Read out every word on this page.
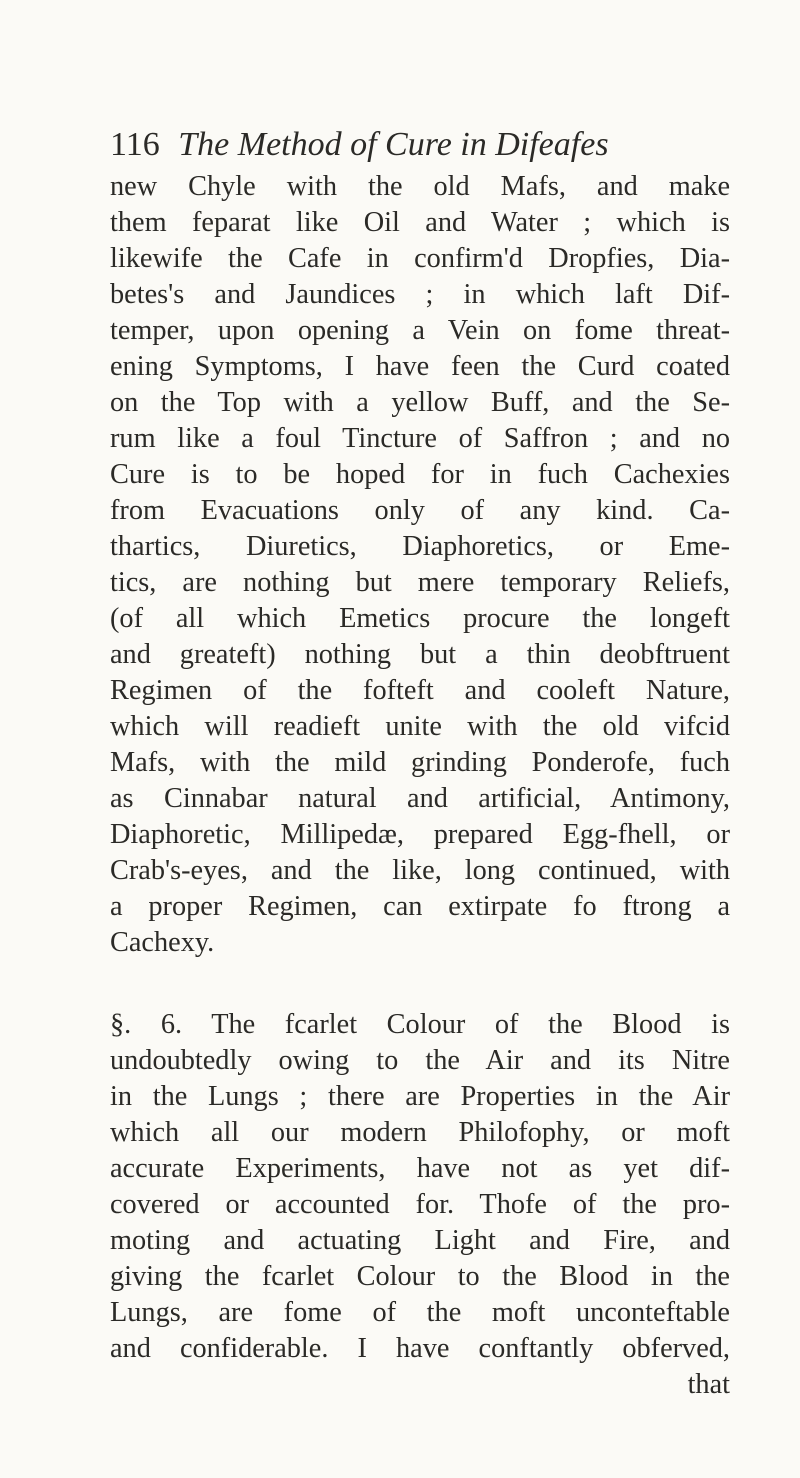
116 The Method of Cure in Difeafes

new Chyle with the old Mafs, and make
them feparat like Oil and Water ; which is
likewife the Cafe in confirm'd Dropfies, Dia-
betes's and Jaundices ; in which laft Dif-
temper, upon opening a Vein on fome threat-
ening Symptoms, I have feen the Curd coated
on the Top with a yellow Buff, and the Se-
rum like a foul Tincture of Saffron ; and no
Cure is to be hoped for in fuch Cachexies
from Evacuations only of any kind. Ca-
thartics, Diuretics, Diaphoretics, or Eme-
tics, are nothing but mere temporary Reliefs,
(of all which Emetics procure the longeft
and greateft) nothing but a thin deobftruent
Regimen of the fofteft and cooleft Nature,
which will readieft unite with the old vifcid
Mafs, with the mild grinding Ponderofe, fuch
as Cinnabar natural and artificial, Antimony,
Diaphoretic, Millipedæ, prepared Egg-fhell, or
Crab's-eyes, and the like, long continued, with
a proper Regimen, can extirpate fo ftrong a
Cachexy.

§. 6. The fcarlet Colour of the Blood is
undoubtedly owing to the Air and its Nitre
in the Lungs ; there are Properties in the Air
which all our modern Philofophy, or moft
accurate Experiments, have not as yet dif-
covered or accounted for. Thofe of the pro-
moting and actuating Light and Fire, and
giving the fcarlet Colour to the Blood in the
Lungs, are fome of the moft unconteftable
and confiderable. I have conftantly obferved,

that
